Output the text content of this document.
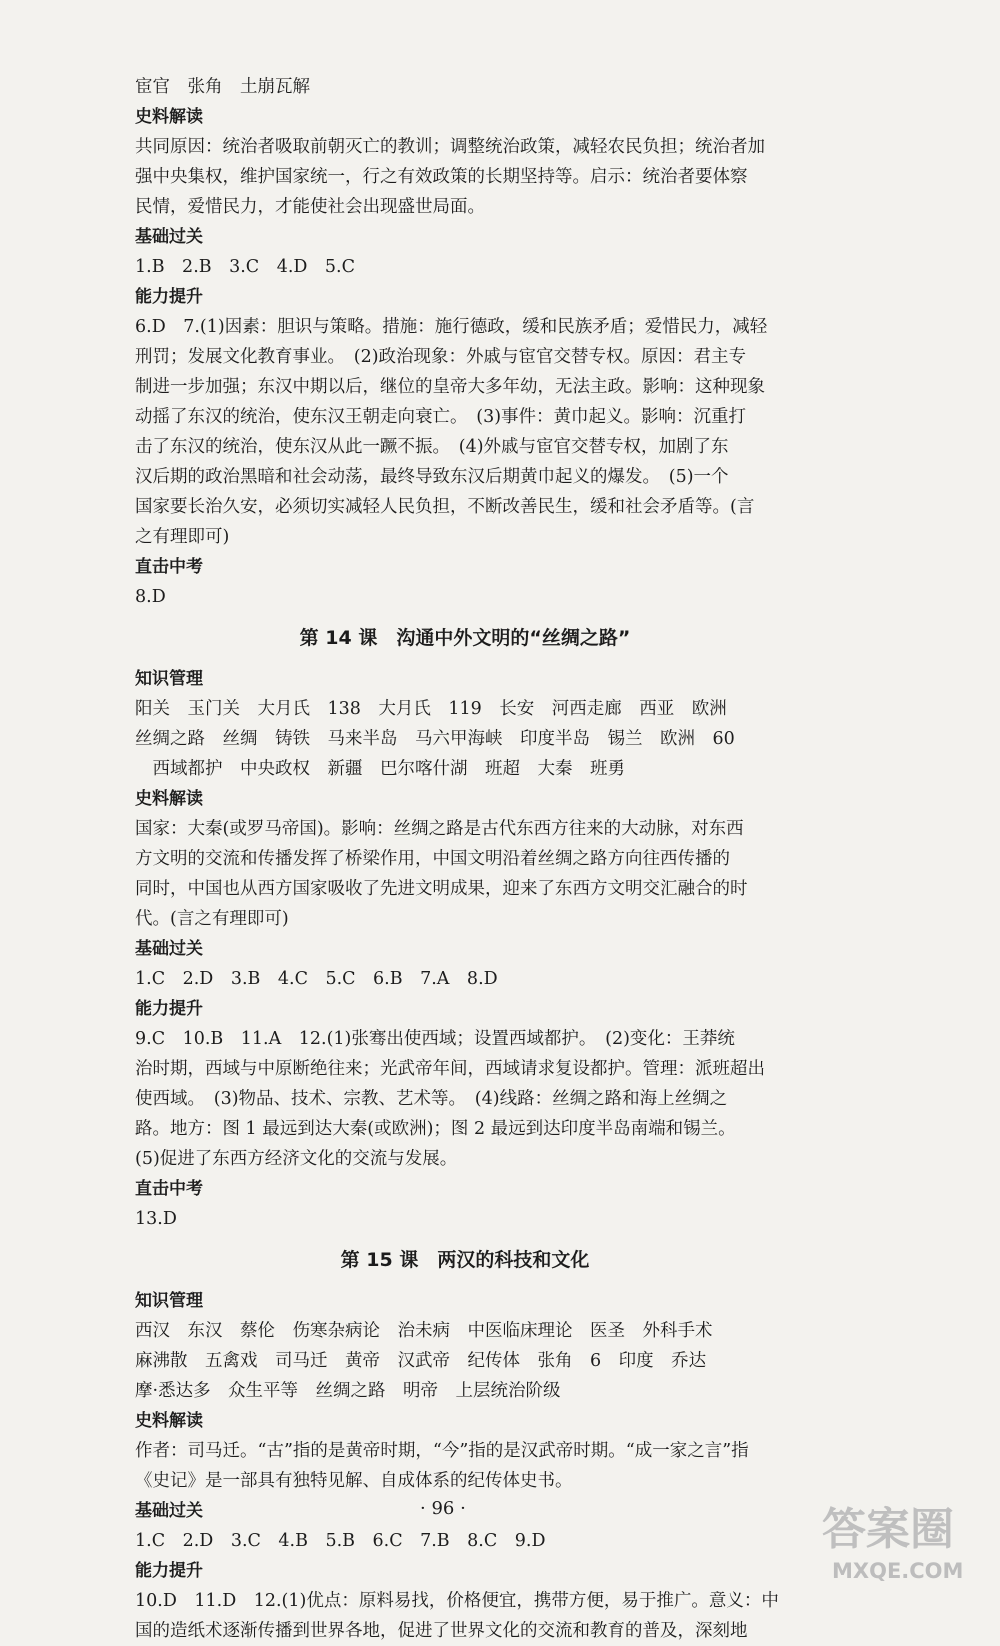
宦官　张角　土崩瓦解
史料解读
共同原因：统治者吸取前朝灭亡的教训；调整统治政策，减轻农民负担；统治者加
强中央集权，维护国家统一，行之有效政策的长期坚持等。启示：统治者要体察
民情，爱惜民力，才能使社会出现盛世局面。
基础过关
1.B　2.B　3.C　4.D　5.C
能力提升
6.D　7.(1)因素：胆识与策略。措施：施行德政，缓和民族矛盾；爱惜民力，减轻
刑罚；发展文化教育事业。　(2)政治现象：外戚与宦官交替专权。原因：君主专
制进一步加强；东汉中期以后，继位的皇帝大多年幼，无法主政。影响：这种现象
动摇了东汉的统治，使东汉王朝走向衰亡。　(3)事件：黄巾起义。影响：沉重打
击了东汉的统治，使东汉从此一蹶不振。　(4)外戚与宦官交替专权，加剧了东
汉后期的政治黑暗和社会动荡，最终导致东汉后期黄巾起义的爆发。　(5)一个
国家要长治久安，必须切实减轻人民负担，不断改善民生，缓和社会矛盾等。(言
之有理即可)
直击中考
8.D
第 14 课　沟通中外文明的“丝绸之路”
知识管理
阳关　玉门关　大月氏　138　大月氏　119　长安　河西走廊　西亚　欧洲
丝绸之路　丝绸　铸铁　马来半岛　马六甲海峡　印度半岛　锡兰　欧洲　60
　西域都护　中央政权　新疆　巴尔喀什湖　班超　大秦　班勇
史料解读
国家：大秦(或罗马帝国)。影响：丝绸之路是古代东西方往来的大动脉，对东西
方文明的交流和传播发挥了桥梁作用，中国文明沿着丝绸之路方向往西传播的
同时，中国也从西方国家吸收了先进文明成果，迎来了东西方文明交汇融合的时
代。(言之有理即可)
基础过关
1.C　2.D　3.B　4.C　5.C　6.B　7.A　8.D
能力提升
9.C　10.B　11.A　12.(1)张骞出使西域；设置西域都护。　(2)变化：王莽统
治时期，西域与中原断绝往来；光武帝年间，西域请求复设都护。管理：派班超出
使西域。　(3)物品、技术、宗教、艺术等。　(4)线路：丝绸之路和海上丝绸之
路。地方：图 1 最远到达大秦(或欧洲)；图 2 最远到达印度半岛南端和锡兰。
(5)促进了东西方经济文化的交流与发展。
直击中考
13.D
第 15 课　两汉的科技和文化
知识管理
西汉　东汉　蔡伦　伤寒杂病论　治未病　中医临床理论　医圣　外科手术
麻沸散　五禽戏　司马迁　黄帝　汉武帝　纪传体　张角　6　印度　乔达
摩·悉达多　众生平等　丝绸之路　明帝　上层统治阶级
史料解读
作者：司马迁。“古”指的是黄帝时期，“今”指的是汉武帝时期。“成一家之言”指
《史记》是一部具有独特见解、自成体系的纪传体史书。
基础过关
1.C　2.D　3.C　4.B　5.B　6.C　7.B　8.C　9.D
能力提升
10.D　11.D　12.(1)优点：原料易找，价格便宜，携带方便，易于推广。意义：中
国的造纸术逐渐传播到世界各地，促进了世界文化的交流和教育的普及，深刻地
· 96 ·	答案圈
MXQE.COM
